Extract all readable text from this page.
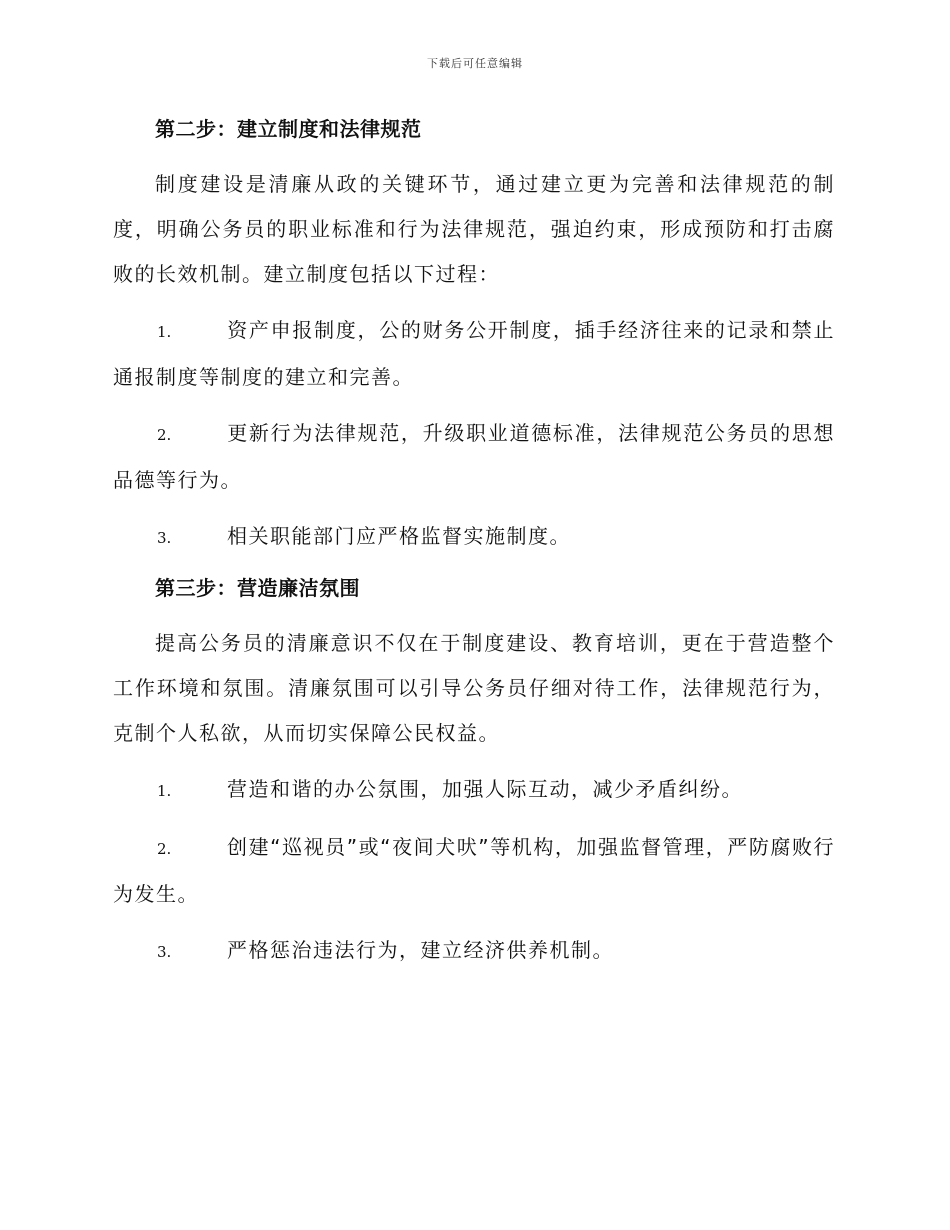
下载后可任意编辑
第二步：建立制度和法律规范
制度建设是清廉从政的关键环节，通过建立更为完善和法律规范的制度，明确公务员的职业标准和行为法律规范，强迫约束，形成预防和打击腐败的长效机制。建立制度包括以下过程：
1.	资产申报制度，公的财务公开制度，插手经济往来的记录和禁止通报制度等制度的建立和完善。
2.	更新行为法律规范，升级职业道德标准，法律规范公务员的思想品德等行为。
3.	相关职能部门应严格监督实施制度。
第三步：营造廉洁氛围
提高公务员的清廉意识不仅在于制度建设、教育培训，更在于营造整个工作环境和氛围。清廉氛围可以引导公务员仔细对待工作，法律规范行为，克制个人私欲，从而切实保障公民权益。
1.	营造和谐的办公氛围，加强人际互动，减少矛盾纠纷。
2.	创建“巡视员”或“夜间犬吠”等机构，加强监督管理，严防腐败行为发生。
3.	严格惩治违法行为，建立经济供养机制。
